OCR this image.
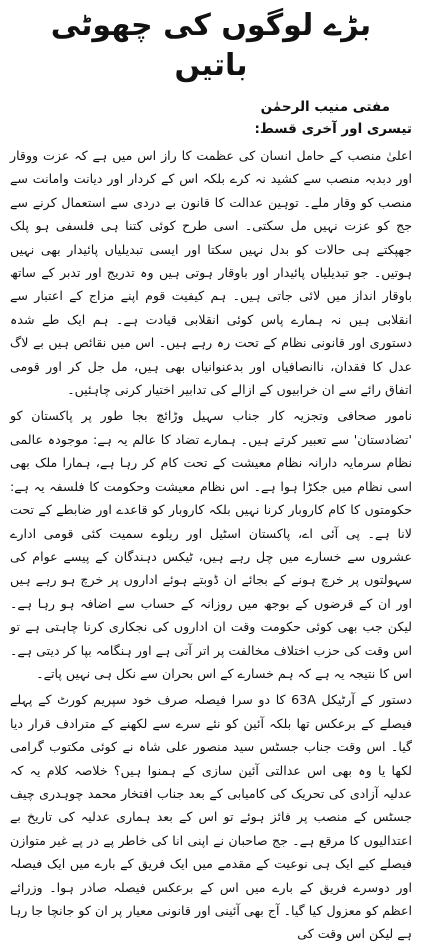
بڑے لوگوں کی چھوٹی باتیں
مفتی منیب الرحمٰن
تیسری اور آخری قسط:

اعلیٰ منصب کے حامل انسان کی عظمت کا راز اس میں ہے کہ عزت ووقار اور دبدبہ منصب سے کشید نہ کرے بلکہ اس کے کردار اور دیانت وامانت سے منصب کو وقار ملے۔ توہین عدالت کا قانون بے دردی سے استعمال کرنے سے جج کو عزت نہیں مل سکتی۔ اسی طرح کوئی کتنا ہی فلسفی ہو پلک جھپکتے ہی حالات کو بدل نہیں سکتا اور ایسی تبدیلیاں پائیدار بھی نہیں ہوتیں۔ جو تبدیلیاں پائیدار اور باوقار ہوتی ہیں وہ تدریج اور تدبر کے ساتھ باوقار انداز میں لائی جاتی ہیں۔ ہم کیفیت قوم اپنے مزاج کے اعتبار سے انقلابی ہیں نہ ہمارے پاس کوئی انقلابی قیادت ہے۔ ہم ایک طے شدہ دستوری اور قانونی نظام کے تحت رہ رہے ہیں۔ اس میں نقائص ہیں بے لاگ عدل کا فقدان، ناانصافیاں اور بدعنوانیاں بھی ہیں، مل جل کر اور قومی اتفاق رائے سے ان خرابیوں کے ازالے کی تدابیر اختیار کرنی چاہئیں۔

نامور صحافی وتجزیہ کار جناب سہیل وڑائچ بجا طور پر پاکستان کو 'تضادستان' سے تعبیر کرتے ہیں۔ ہمارے تضاد کا عالم یہ ہے: موجودہ عالمی نظام سرمایہ دارانہ نظام معیشت کے تحت کام کر رہا ہے، ہمارا ملک بھی اسی نظام میں جکڑا ہوا ہے۔ اس نظام معیشت وحکومت کا فلسفہ یہ ہے: حکومتوں کا کام کاروبار کرنا نہیں بلکہ کاروبار کو قاعدے اور ضابطے کے تحت لانا ہے۔ پی آئی اے، پاکستان اسٹیل اور ریلوے سمیت کئی قومی ادارے عشروں سے خسارے میں چل رہے ہیں، ٹیکس دہندگان کے پیسے عوام کی سہولتوں پر خرچ ہونے کے بجائے ان ڈوبتے ہوئے اداروں پر خرچ ہو رہے ہیں اور ان کے قرضوں کے بوجھ میں روزانہ کے حساب سے اضافہ ہو رہا ہے۔ لیکن جب بھی کوئی حکومت وقت ان اداروں کی نجکاری کرنا چاہتی ہے تو اس وقت کی حزب اختلاف مخالفت پر اتر آتی ہے اور ہنگامہ بپا کر دیتی ہے۔ اس کا نتیجہ یہ ہے کہ ہم خسارے کے اس بحران سے نکل ہی نہیں پاتے۔

دستور کے آرٹیکل 63A کا دو سرا فیصلہ صرف خود سپریم کورٹ کے پہلے فیصلے کے برعکس تھا بلکہ آئین کو نئے سرے سے لکھنے کے مترادف قرار دیا گیا۔ اس وقت جناب جسٹس سید منصور علی شاہ نے کوئی مکتوب گرامی لکھا یا وہ بھی اس عدالتی آئین سازی کے ہمنوا ہیں؟ خلاصہ کلام یہ کہ عدلیہ آزادی کی تحریک کی کامیابی کے بعد جناب افتخار محمد چوہدری چیف جسٹس کے منصب پر فائز ہوئے تو اس کے بعد ہماری عدلیہ کی تاریخ بے اعتدالیوں کا مرقع ہے۔ جج صاحبان نے اپنی انا کی خاطر پے در پے غیر متوازن فیصلے کیے ایک ہی نوعیت کے مقدمے میں ایک فریق کے بارے میں ایک فیصلہ اور دوسرے فریق کے بارے میں اس کے برعکس فیصلہ صادر ہوا۔ وزرائے اعظم کو معزول کیا گیا۔ آج بھی آئینی اور قانونی معیار پر ان کو جانچا جا رہا ہے لیکن اس وقت کی
